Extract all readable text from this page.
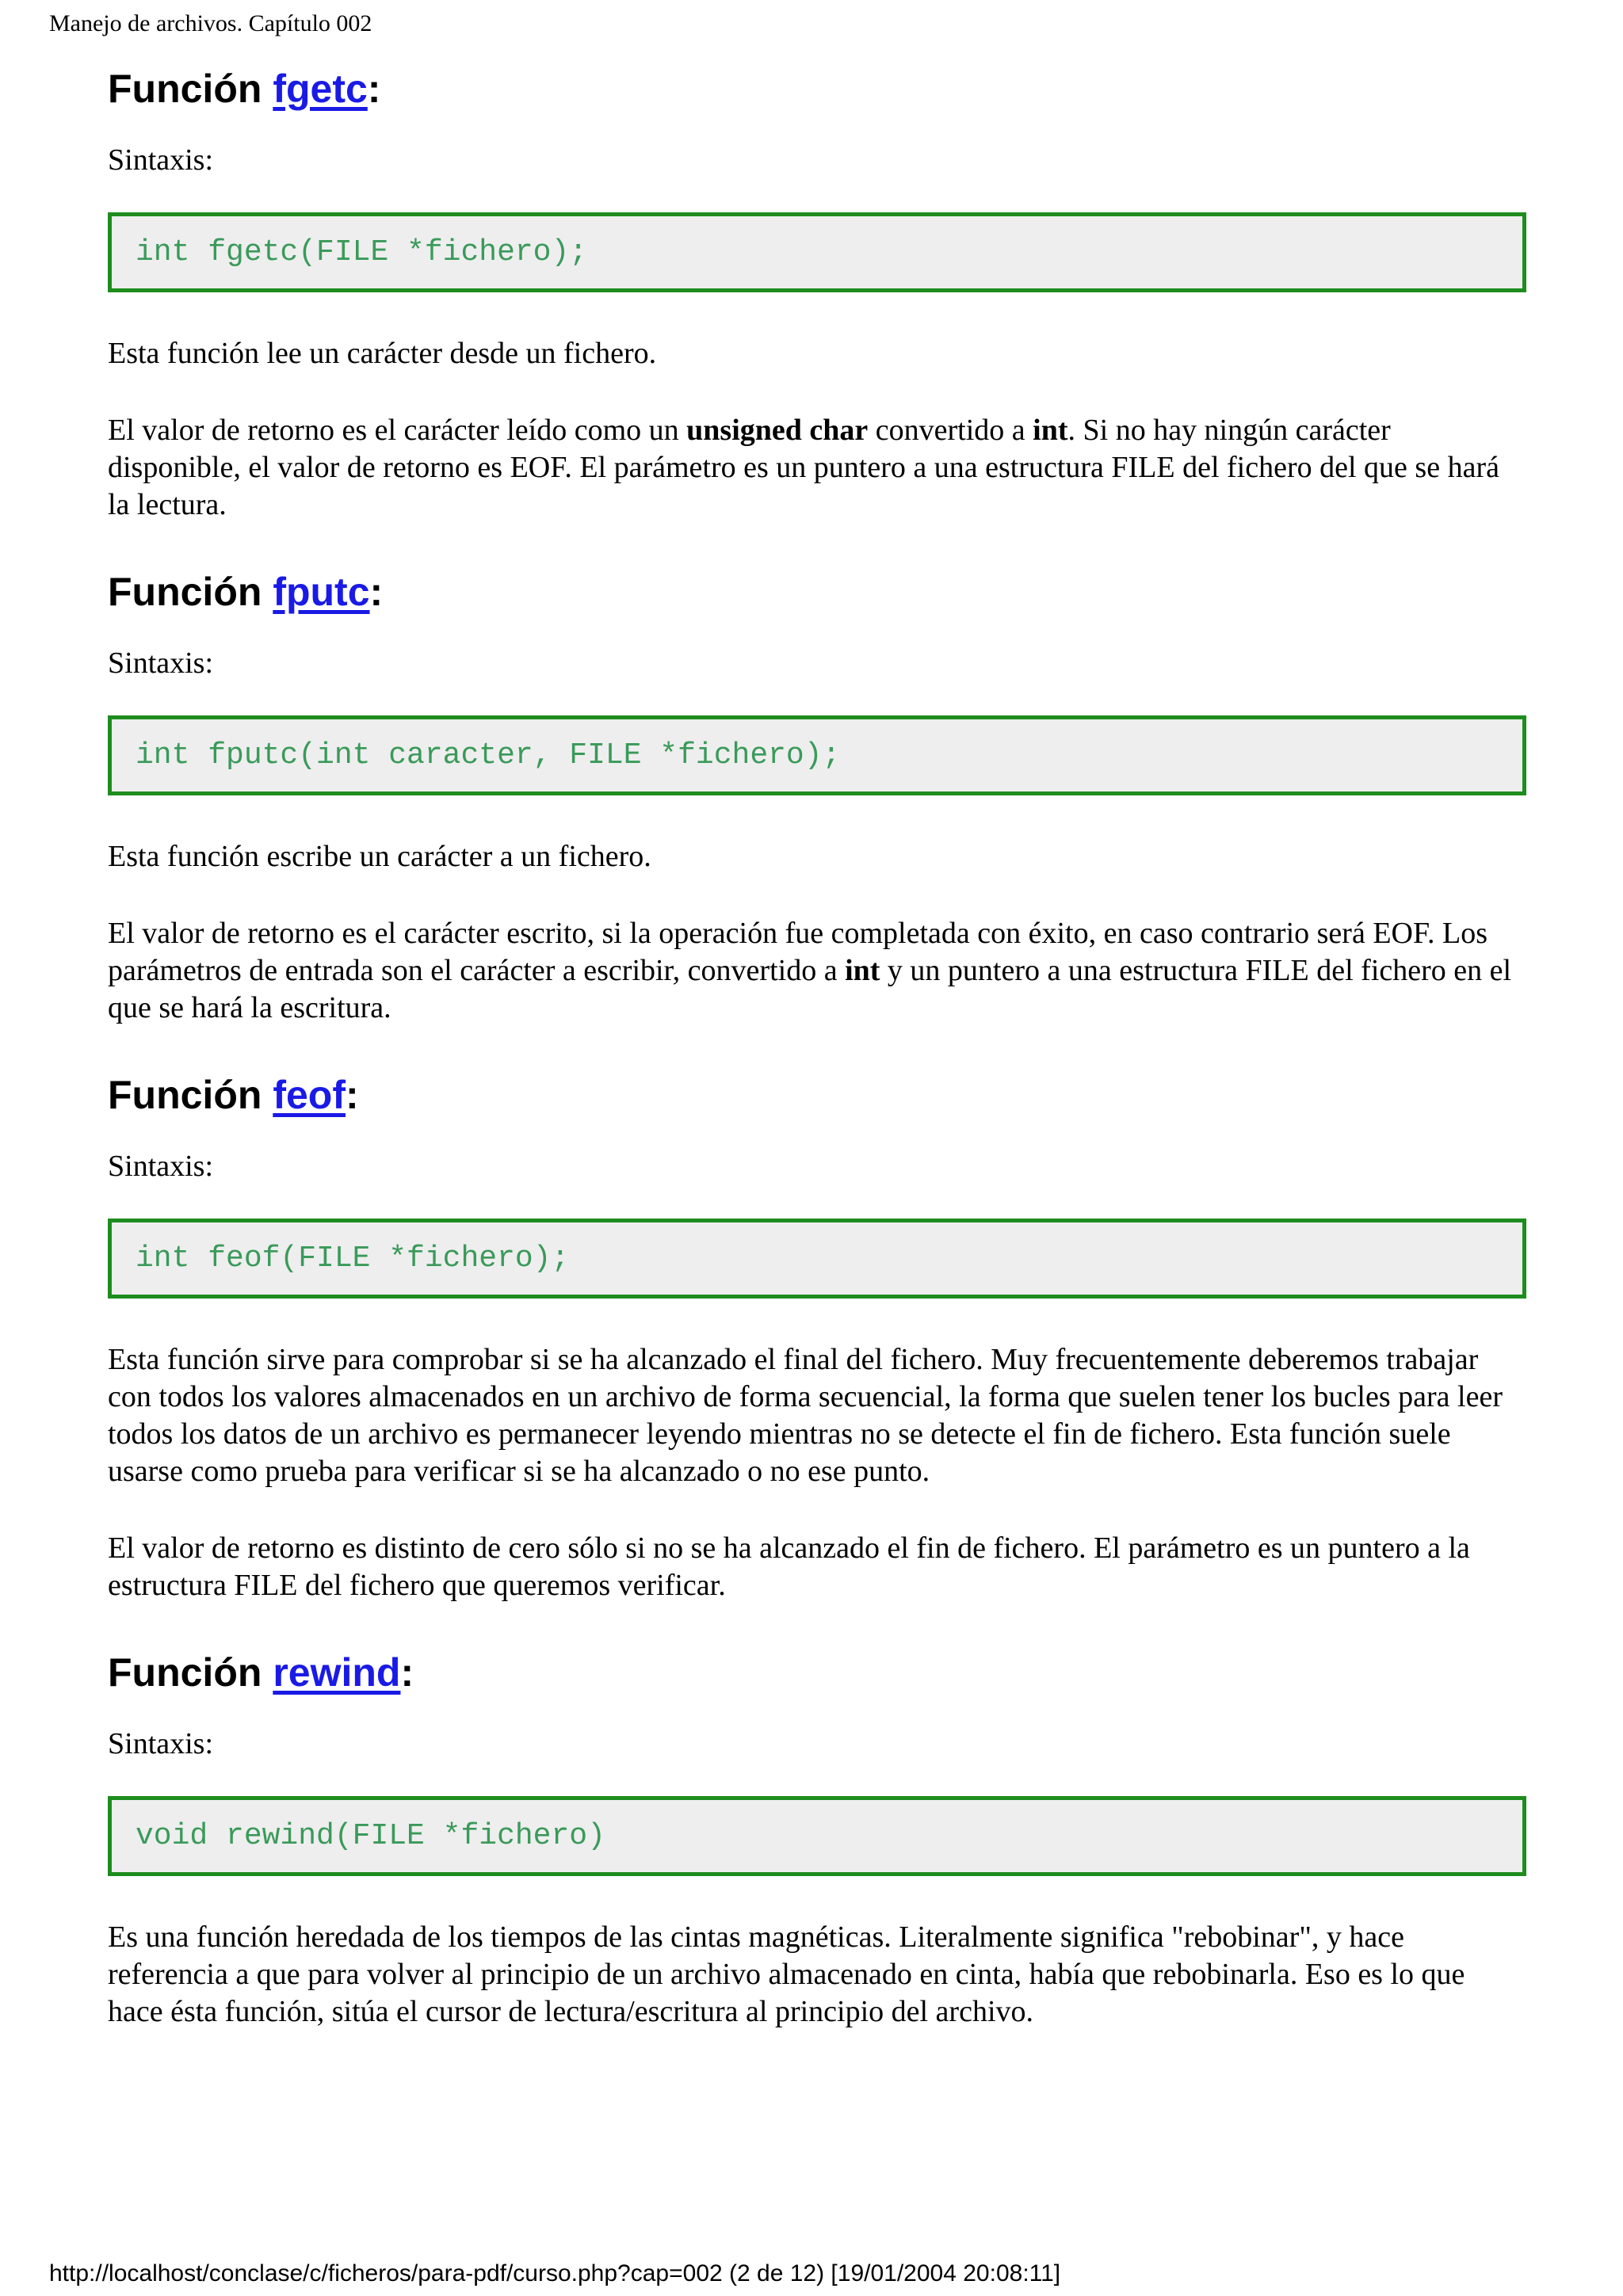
Manejo de archivos. Capítulo 002
Función fgetc:

Sintaxis:

int fgetc(FILE *fichero);

Esta función lee un carácter desde un fichero.

El valor de retorno es el carácter leído como un unsigned char convertido a int. Si no hay ningún carácter disponible, el valor de retorno es EOF. El parámetro es un puntero a una estructura FILE del fichero del que se hará la lectura.

Función fputc:

Sintaxis:

int fputc(int caracter, FILE *fichero);

Esta función escribe un carácter a un fichero.

El valor de retorno es el carácter escrito, si la operación fue completada con éxito, en caso contrario será EOF. Los parámetros de entrada son el carácter a escribir, convertido a int y un puntero a una estructura FILE del fichero en el que se hará la escritura.

Función feof:

Sintaxis:

int feof(FILE *fichero);

Esta función sirve para comprobar si se ha alcanzado el final del fichero. Muy frecuentemente deberemos trabajar con todos los valores almacenados en un archivo de forma secuencial, la forma que suelen tener los bucles para leer todos los datos de un archivo es permanecer leyendo mientras no se detecte el fin de fichero. Esta función suele usarse como prueba para verificar si se ha alcanzado o no ese punto.

El valor de retorno es distinto de cero sólo si no se ha alcanzado el fin de fichero. El parámetro es un puntero a la estructura FILE del fichero que queremos verificar.

Función rewind:

Sintaxis:

void rewind(FILE *fichero)

Es una función heredada de los tiempos de las cintas magnéticas. Literalmente significa "rebobinar", y hace referencia a que para volver al principio de un archivo almacenado en cinta, había que rebobinarla. Eso es lo que hace ésta función, sitúa el cursor de lectura/escritura al principio del archivo.

http://localhost/conclase/c/ficheros/para-pdf/curso.php?cap=002 (2 de 12) [19/01/2004 20:08:11]
